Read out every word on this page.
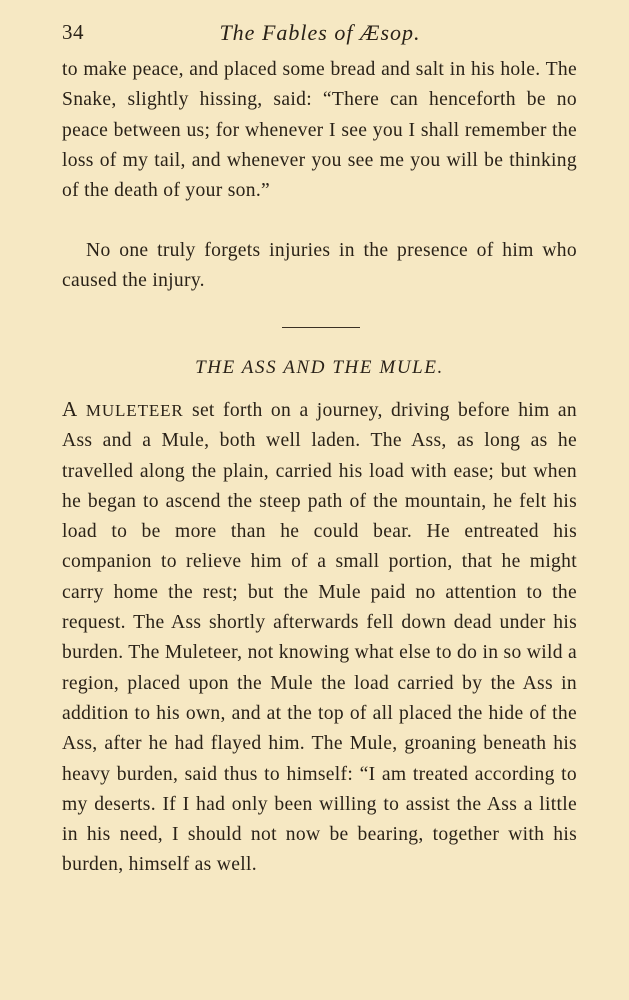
34	The Fables of Æsop.

to make peace, and placed some bread and salt in his hole. The Snake, slightly hissing, said: “There can henceforth be no peace between us; for whenever I see you I shall remember the loss of my tail, and whenever you see me you will be thinking of the death of your son.”

No one truly forgets injuries in the presence of him who caused the injury.

THE ASS AND THE MULE.

A MULETEER set forth on a journey, driving before him an Ass and a Mule, both well laden. The Ass, as long as he travelled along the plain, carried his load with ease; but when he began to ascend the steep path of the mountain, he felt his load to be more than he could bear. He entreated his companion to relieve him of a small portion, that he might carry home the rest; but the Mule paid no attention to the request. The Ass shortly afterwards fell down dead under his burden. The Muleteer, not knowing what else to do in so wild a region, placed upon the Mule the load carried by the Ass in addition to his own, and at the top of all placed the hide of the Ass, after he had flayed him. The Mule, groaning beneath his heavy burden, said thus to himself: “I am treated according to my deserts. If I had only been willing to assist the Ass a little in his need, I should not now be bearing, together with his burden, himself as well.
